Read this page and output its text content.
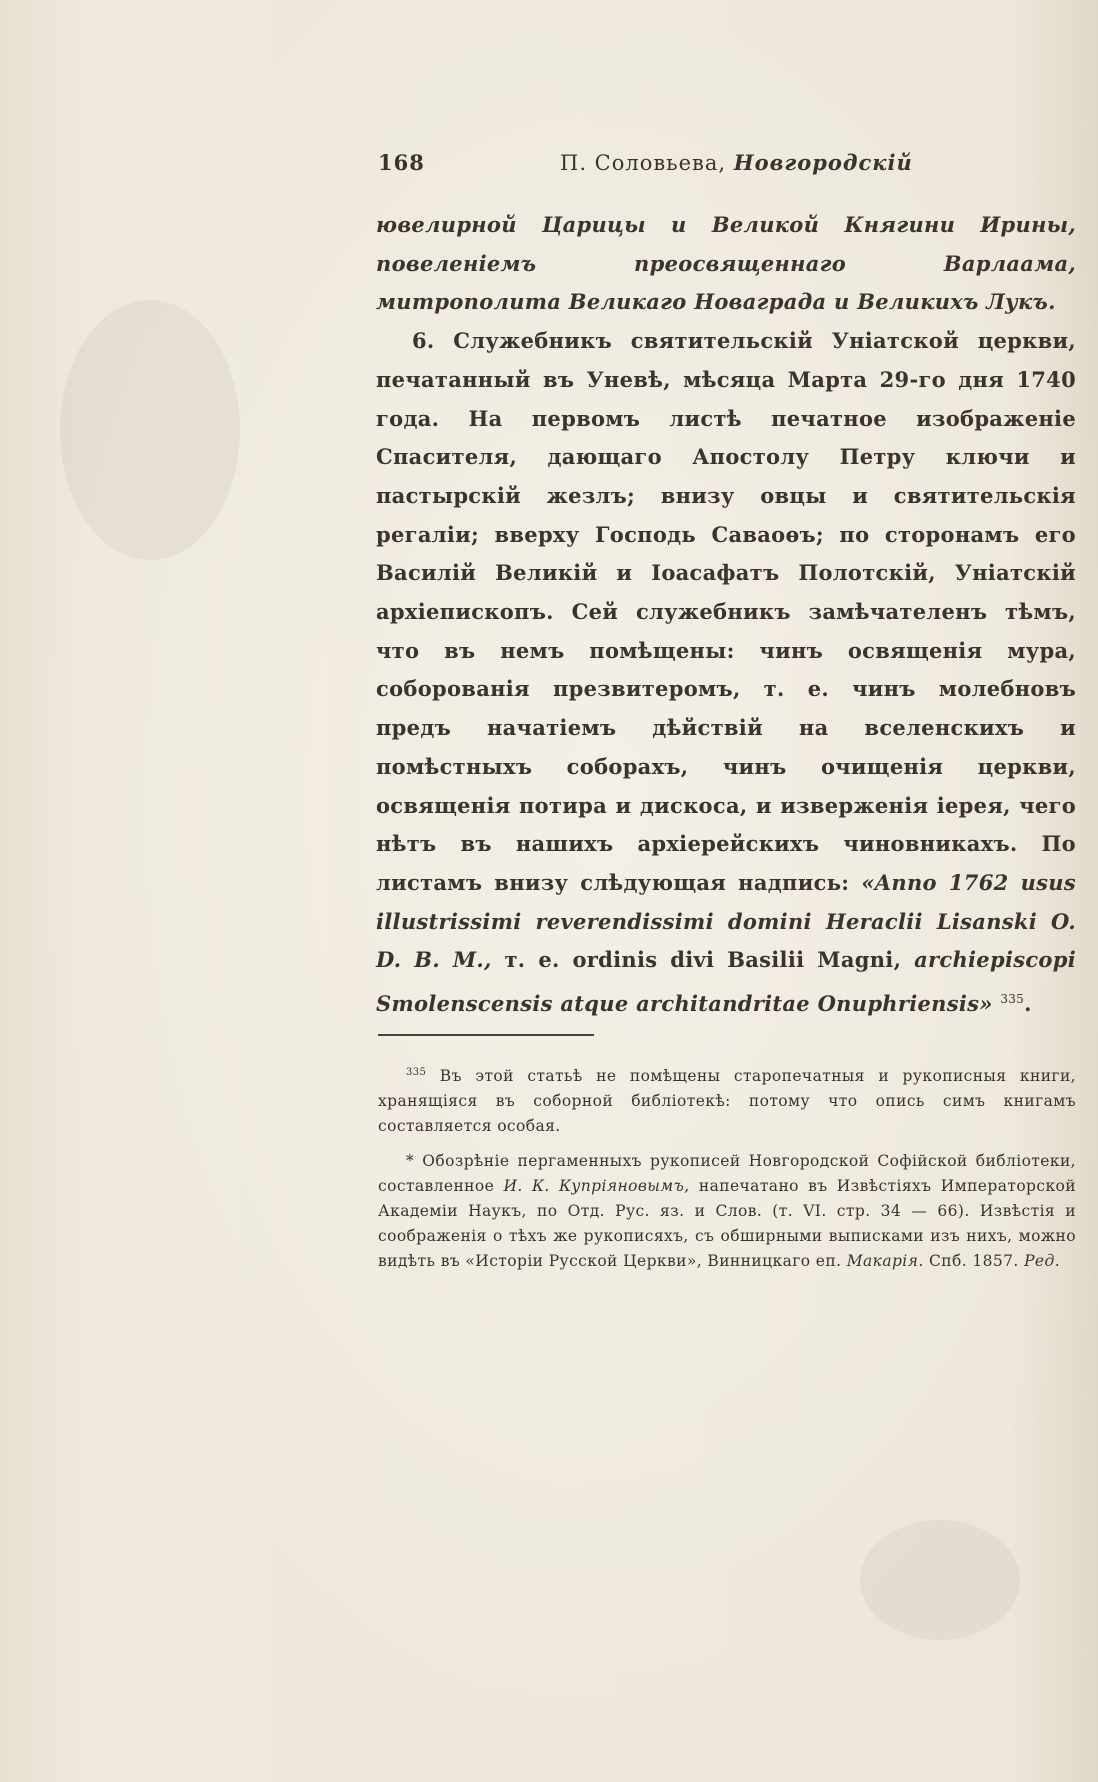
168	П. Соловьева, Новгородскiй

ювелирной Царицы и Великой Княгини Ирины, повеленiемъ преосвященнаго Варлаама, митрополита Великаго Новаграда и Великихъ Лукъ.

6. Служебникъ святительскiй Унiатской церкви, печатанный въ Уневѣ, мѣсяца Марта 29-го дня 1740 года. На первомъ листѣ печатное изображенiе Спасителя, дающаго Апостолу Петру ключи и пастырскiй жезлъ; внизу овцы и святительскiя регалiи; вверху Господь Саваоѳъ; по сторонамъ его Василiй Великiй и Iоасафатъ Полотскiй, Унiатскiй архiепископъ. Сей служебникъ замѣчателенъ тѣмъ, что въ немъ помѣщены: чинъ освященiя мура, соборованiя презвитеромъ, т. е. чинъ молебновъ предъ начатiемъ дѣйствiй на вселенскихъ и помѣстныхъ соборахъ, чинъ очищенiя церкви, освященiя потира и дискоса, и изверженiя iерея, чего нѣтъ въ нашихъ архiерейскихъ чиновникахъ. По листамъ внизу слѣдующая надпись: «Anno 1762 usus illustrissimi reverendissimi domini Heraclii Lisanski O. D. B. M., т. е. ordinis divi Basilii Magni, archiepiscopi Smolenscensis atque architandritae Onuphriensis» $^{335}$.

$^{335}$ Въ этой статьѣ не помѣщены старопечатныя и рукописныя книги, хранящiяся въ соборной библiотекѣ: потому что опись симъ книгамъ составляется особая.

* Обозрѣнiе пергаменныхъ рукописей Новгородской Софiйской библiотеки, составленное И. К. Купрiяновымъ, напечатано въ Извѣстiяхъ Императорской Академiи Наукъ, по Отд. Рус. яз. и Слов. (т. VI. стр. 34 — 66). Извѣстiя и соображенiя о тѣхъ же рукописяхъ, съ обширными выписками изъ нихъ, можно видѣть въ «Исторiи Русской Церкви», Винницкаго еп. Макарiя. Спб. 1857. Ред.
